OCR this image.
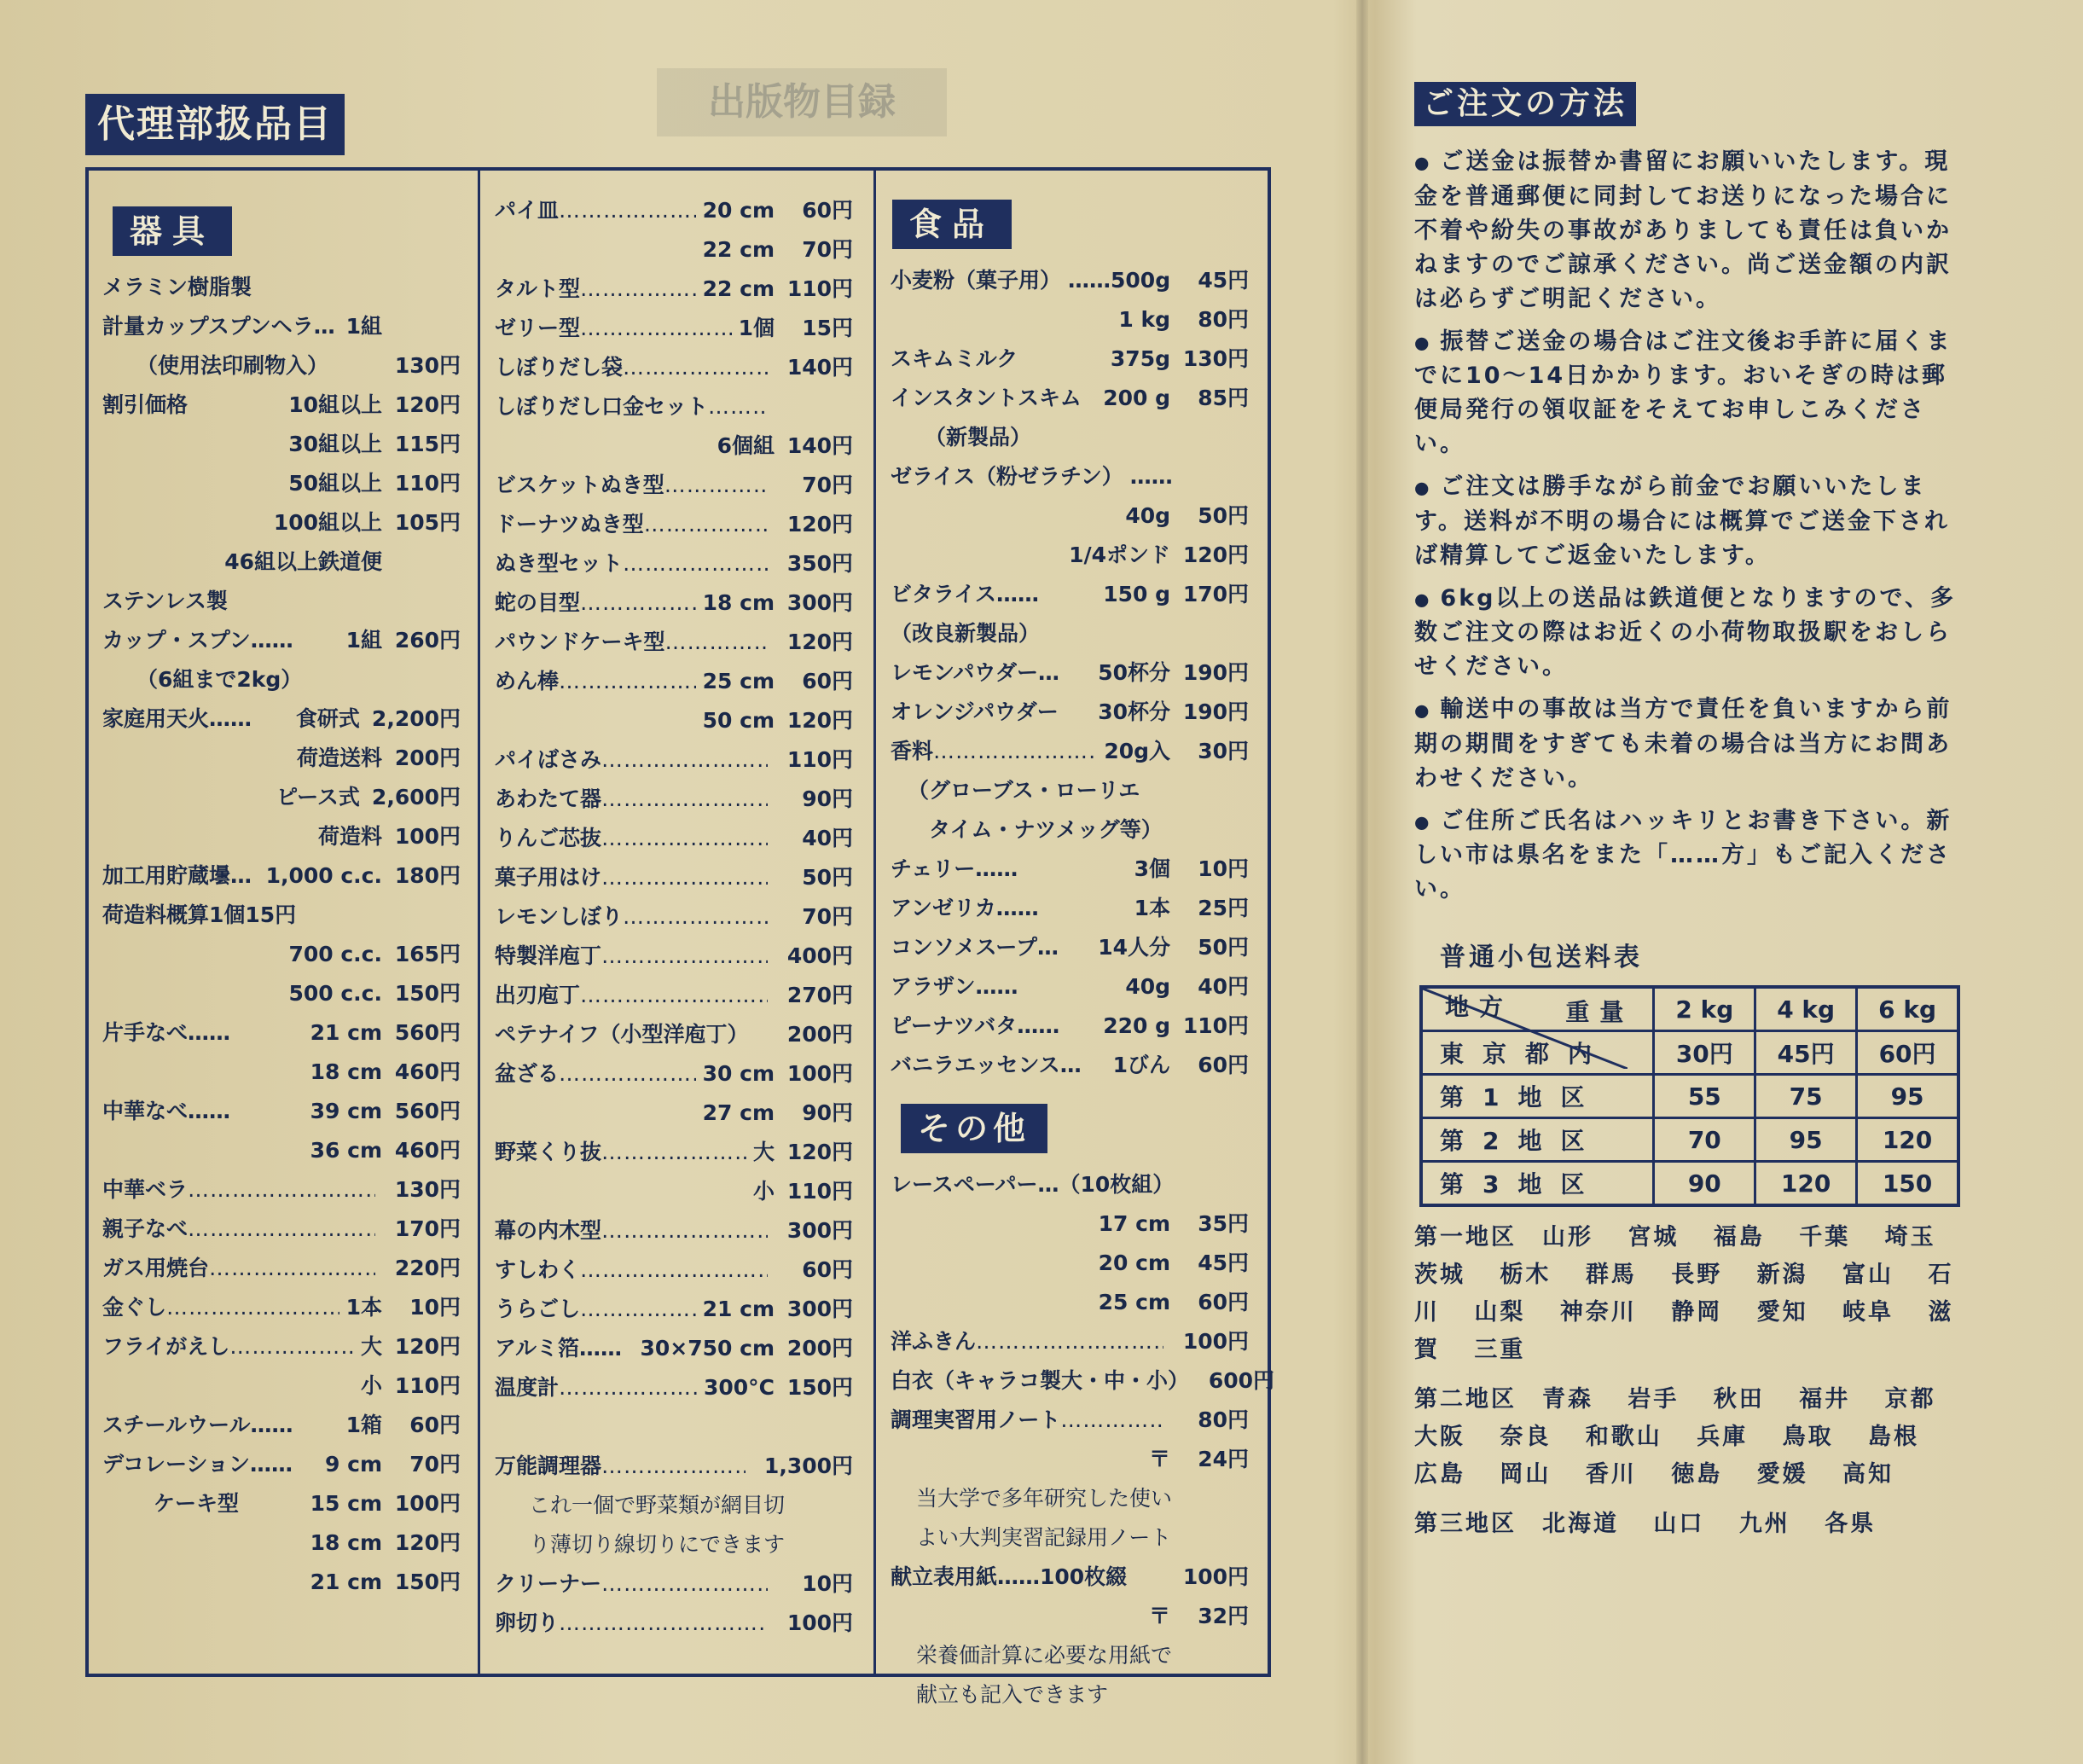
出版物目録
代理部扱品目
器具
メラミン樹脂製
計量カップスプンヘラ… 1組
（使用法印刷物入）	130円
割引価格	10組以上 120円
30組以上 115円
50組以上 110円
100組以上 105円
46組以上鉄道便
ステンレス製
カップ・スプン……	1組 260円
（6組まで2kg）
家庭用天火……	食研式 2,200円
荷造送料 200円
ピース式 2,600円
荷造料 100円
加工用貯蔵壜… 1,000 c.c. 180円
荷造料概算1個15円
700 c.c. 165円
500 c.c. 150円
片手なべ……	21 cm 560円
18 cm 460円
中華なべ……	39 cm 560円
36 cm 460円
中華ベラ ……………………………………………………………………………………………………………	130円
親子なべ ……………………………………………………………………………………………………………	170円
ガス用焼台 ……………………………………………………………………………………………………………	220円
金ぐし ……………………………………………………………………………………………………………	1本	10円
フライがえし ……………………………………………………………………………………………………………	大 120円
小 110円
スチールウール……	1箱	60円
デコレーション……	9 cm	70円
ケーキ型	15 cm 100円
18 cm 120円
21 cm 150円
パイ皿 ……………………………………………………………………………………………………………	20 cm	60円
22 cm	70円
タルト型 ……………………………………………………………………………………………………………	22 cm 110円
ゼリー型 ……………………………………………………………………………………………………………	1個	15円
しぼりだし袋 ……………………………………………………………………………………………………………	140円
しぼりだし口金セット
……………………………………………………………………………………………………………
6個組 140円
ビスケットぬき型 ……………………………………………………………………………………………………………	70円
ドーナツぬき型 ……………………………………………………………………………………………………………	120円
ぬき型セット ……………………………………………………………………………………………………………	350円
蛇の目型 ……………………………………………………………………………………………………………	18 cm 300円
パウンドケーキ型 ……………………………………………………………………………………………………………	120円
めん棒 ……………………………………………………………………………………………………………	25 cm	60円
50 cm 120円
パイばさみ ……………………………………………………………………………………………………………	110円
あわたて器 ……………………………………………………………………………………………………………	90円
りんご芯抜 ……………………………………………………………………………………………………………	40円
菓子用はけ ……………………………………………………………………………………………………………	50円
レモンしぼり ……………………………………………………………………………………………………………	70円
特製洋庖丁 ……………………………………………………………………………………………………………	400円
出刃庖丁 ……………………………………………………………………………………………………………	270円
ペテナイフ（小型洋庖丁） 200円
盆ざる ……………………………………………………………………………………………………………	30 cm 100円
27 cm	90円
野菜くり抜 ……………………………………………………………………………………………………………	大 120円
小 110円
幕の内木型 ……………………………………………………………………………………………………………	300円
すしわく ……………………………………………………………………………………………………………	60円
うらごし ……………………………………………………………………………………………………………	21 cm 300円
アルミ箔…… 30×750 cm 200円
温度計 ……………………………………………………………………………………………………………	300°C 150円
万能調理器 ……………………………………………………………………………………………………………	1,300円
これ一個で野菜類が網目切
り薄切り線切りにできます
クリーナー ……………………………………………………………………………………………………………	10円
卵切り ……………………………………………………………………………………………………………	100円
食品
小麦粉（菓子用） ……500g	45円
1 kg	80円
スキムミルク	375g 130円
インスタントスキム	200 g	85円
（新製品）
ゼライス（粉ゼラチン） ……
40g	50円
1/4ポンド 120円
ビタライス……	150 g 170円
（改良新製品）
レモンパウダー…	50杯分 190円
オレンジパウダー	30杯分 190円
香料 ……………………………………………………………………………………………………………	20g入	30円
（グローブス・ローリエ
　タイム・ナツメッグ等）
チェリー……	3個	10円
アンゼリカ……	1本	25円
コンソメスープ…	14人分	50円
アラザン……	40g	40円
ピーナツバタ……	220 g 110円
バニラエッセンス…	1びん	60円
その他
レースペーパー…（10枚組）
17 cm	35円
20 cm	45円
25 cm	60円
洋ふきん ……………………………………………………………………………………………………………	100円
白衣（キャラコ製大・中・小） 600円
調理実習用ノート ……………………………………………………………………………………………………………	80円
〒	24円
当大学で多年研究した使い
よい大判実習記録用ノート
献立表用紙……100枚綴	100円
〒	32円
栄養価計算に必要な用紙で
献立も記入できます
ご注文の方法
● ご送金は振替か書留にお願いいたします。現金を普通郵便に同封してお送りになった場合に不着や紛失の事故がありましても責任は負いかねますのでご諒承ください。尚ご送金額の内訳は必らずご明記ください。
● 振替ご送金の場合はご注文後お手許に届くまでに10〜14日かかります。おいそぎの時は郵便局発行の領収証をそえてお申しこみください。
● ご注文は勝手ながら前金でお願いいたします。送料が不明の場合には概算でご送金下されば精算してご返金いたします。
● 6kg以上の送品は鉄道便となりますので、多数ご注文の際はお近くの小荷物取扱駅をおしらせください。
● 輸送中の事故は当方で責任を負いますから前期の期間をすぎても未着の場合は当方にお問あわせください。
● ご住所ご氏名はハッキリとお書き下さい。新しい市は県名をまた「……方」もご記入ください。
普通小包送料表
重量
地方	2 kg	4 kg	6 kg
東京都内	30円	45円	60円
第1地区	55	75	95
第2地区	70	95	120
第3地区	90	120	150
第一地区 山形 宮城 福島 千葉 埼玉 茨城 栃木 群馬 長野 新潟 富山 石川 山梨 神奈川 静岡 愛知 岐阜 滋賀 三重
第二地区 青森 岩手 秋田 福井 京都 大阪 奈良 和歌山 兵庫 鳥取 島根 広島 岡山 香川 徳島 愛媛 高知
第三地区 北海道 山口 九州 各県
